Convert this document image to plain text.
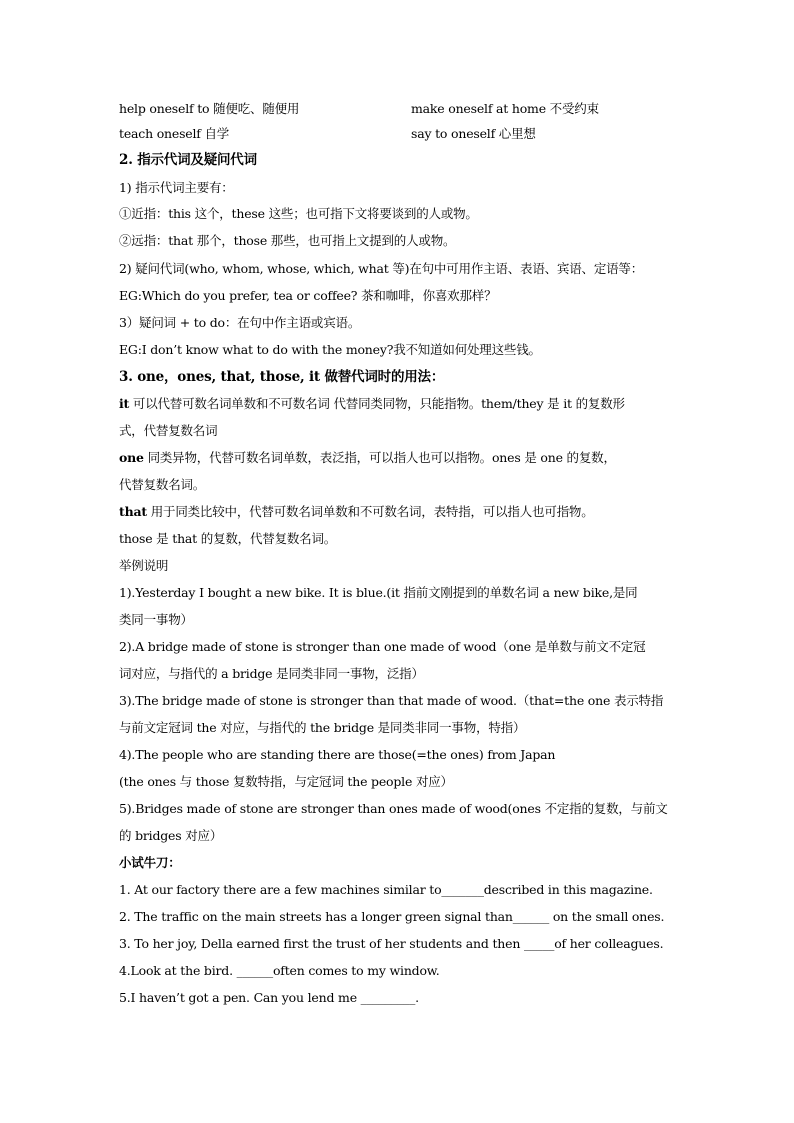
help oneself to 随便吃、随便用	make oneself at home 不受约束
teach oneself 自学	say to oneself 心里想
2. 指示代词及疑问代词
1) 指示代词主要有：
①近指：this 这个，these 这些；也可指下文将要谈到的人或物。
②远指：that 那个，those 那些，也可指上文提到的人或物。
2) 疑问代词(who, whom, whose, which, what 等)在句中可用作主语、表语、宾语、定语等：
EG:Which do you prefer, tea or coffee? 茶和咖啡，你喜欢那样？
3）疑问词 + to do：在句中作主语或宾语。
EG:I don’t know what to do with the money?我不知道如何处理这些钱。
3. one，ones, that, those, it 做替代词时的用法：
it 可以代替可数名词单数和不可数名词 代替同类同物，只能指物。them/they 是 it 的复数形
式，代替复数名词
one 同类异物，代替可数名词单数，表泛指，可以指人也可以指物。ones 是 one 的复数，
代替复数名词。
that 用于同类比较中，代替可数名词单数和不可数名词，表特指，可以指人也可指物。
those 是 that 的复数，代替复数名词。
举例说明
1).Yesterday I bought a new bike. It is blue.(it 指前文刚提到的单数名词 a new bike,是同
类同一事物）
2).A bridge made of stone is stronger than one made of wood（one 是单数与前文不定冠
词对应，与指代的 a bridge 是同类非同一事物，泛指）
3).The bridge made of stone is stronger than that made of wood.（that=the one 表示特指
与前文定冠词 the 对应，与指代的 the bridge 是同类非同一事物，特指）
4).The people who are standing there are those(=the ones) from Japan
(the ones 与 those 复数特指，与定冠词 the people 对应）
5).Bridges made of stone are stronger than ones made of wood(ones 不定指的复数，与前文
的 bridges 对应）
小试牛刀：
1. At our factory there are a few machines similar to_______described in this magazine.
2. The traffic on the main streets has a longer green signal than______ on the small ones.
3. To her joy, Della earned first the trust of her students and then _____of her colleagues.
4.Look at the bird. ______often comes to my window.
5.I haven’t got a pen. Can you lend me _________.
